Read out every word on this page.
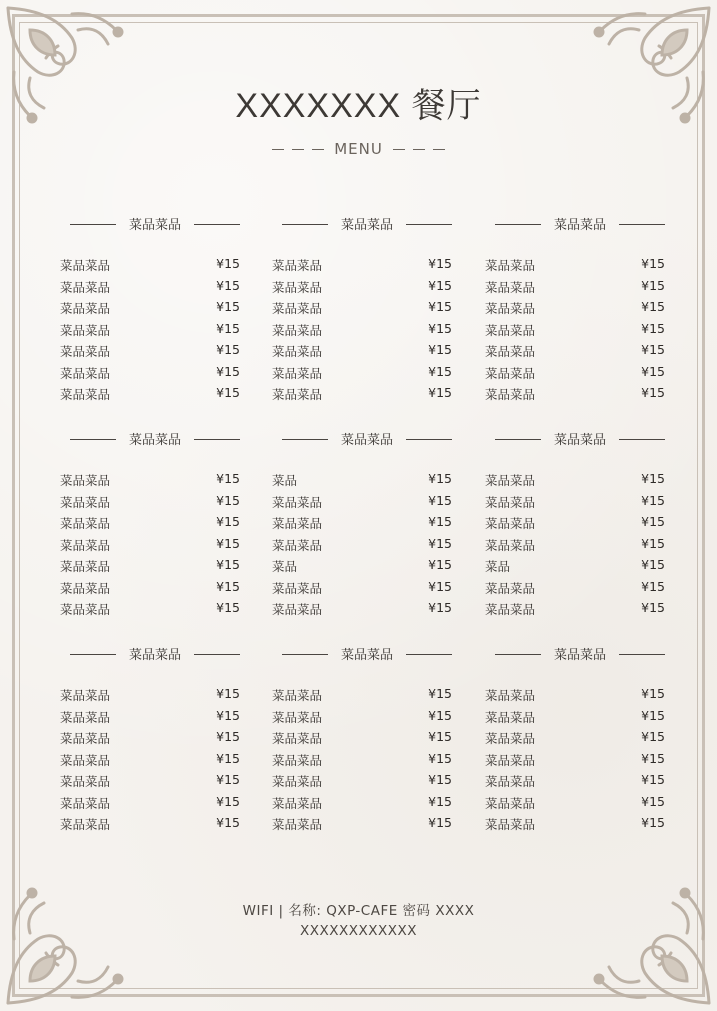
XXXXXXX 餐厅
MENU
菜品菜品
菜品菜品	¥15
菜品菜品	¥15
菜品菜品	¥15
菜品菜品	¥15
菜品菜品	¥15
菜品菜品	¥15
菜品菜品	¥15
菜品菜品
菜品菜品	¥15
菜品菜品	¥15
菜品菜品	¥15
菜品菜品	¥15
菜品菜品	¥15
菜品菜品	¥15
菜品菜品	¥15
菜品菜品
菜品菜品	¥15
菜品菜品	¥15
菜品菜品	¥15
菜品菜品	¥15
菜品菜品	¥15
菜品菜品	¥15
菜品菜品	¥15
菜品菜品
菜品菜品	¥15
菜品菜品	¥15
菜品菜品	¥15
菜品菜品	¥15
菜品菜品	¥15
菜品菜品	¥15
菜品菜品	¥15
菜品菜品
菜品	¥15
菜品菜品	¥15
菜品菜品	¥15
菜品菜品	¥15
菜品	¥15
菜品菜品	¥15
菜品菜品	¥15
菜品菜品
菜品菜品	¥15
菜品菜品	¥15
菜品菜品	¥15
菜品菜品	¥15
菜品	¥15
菜品菜品	¥15
菜品菜品	¥15
菜品菜品
菜品菜品	¥15
菜品菜品	¥15
菜品菜品	¥15
菜品菜品	¥15
菜品菜品	¥15
菜品菜品	¥15
菜品菜品	¥15
菜品菜品
菜品菜品	¥15
菜品菜品	¥15
菜品菜品	¥15
菜品菜品	¥15
菜品菜品	¥15
菜品菜品	¥15
菜品菜品	¥15
菜品菜品
菜品菜品	¥15
菜品菜品	¥15
菜品菜品	¥15
菜品菜品	¥15
菜品菜品	¥15
菜品菜品	¥15
菜品菜品	¥15
WIFI | 名称: QXP-CAFE 密码 XXXX
XXXXXXXXXXXX
